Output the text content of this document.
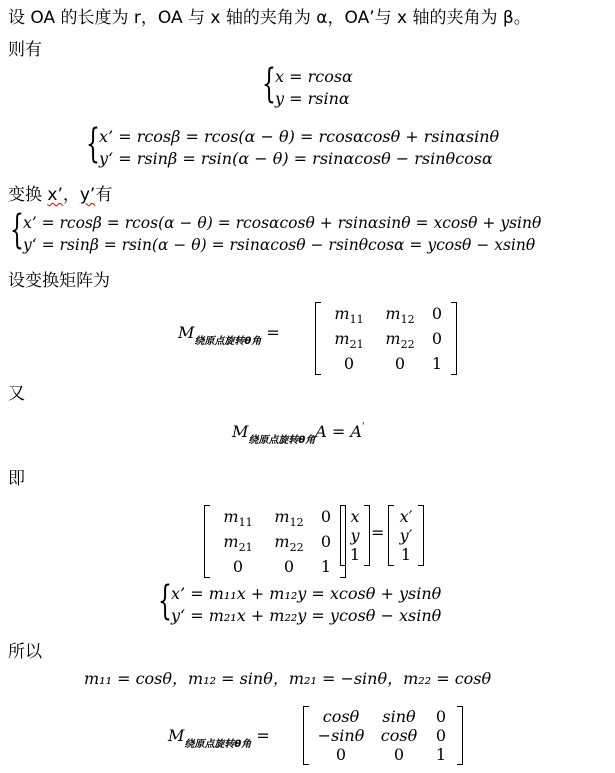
设 OA 的长度为 r，OA 与 x 轴的夹角为 α，OA’与 x 轴的夹角为 β。
则有
{ x = rcosα
y = rsinα
{ x’ = rcosβ = rcos(α − θ) = rcosαcosθ + rsinαsinθ
y‘ = rsinβ = rsin(α − θ) = rsinαcosθ − rsinθcosα
变换 x’，y’有
{ x’ = rcosβ = rcos(α − θ) = rcosαcosθ + rsinαsinθ = xcosθ + ysinθ
y‘ = rsinβ = rsin(α − θ) = rsinαcosθ − rsinθcosα = ycosθ − xsinθ
设变换矩阵为
$M_{绕原点旋转\theta 角}$ =
$m_{11}$	$m_{12}$	0
$m_{21}$	$m_{22}$	0
0	0	1
又
$M_{绕原点旋转\theta 角}A = A'$
即
$m_{11}$	$m_{12}$	0
$m_{21}$	$m_{22}$	0
0	0	1
x
y
1
=
x′
y′
1
{ x’ = m₁₁x + m₁₂y = xcosθ + ysinθ
y‘ = m₂₁x + m₂₂y = ycosθ − xsinθ
所以
m₁₁ = cosθ，m₁₂ = sinθ，m₂₁ = −sinθ，m₂₂ = cosθ
$M_{绕原点旋转\theta 角}$ =
cosθ	sinθ	0
−sinθ	cosθ	0
0	0	1
